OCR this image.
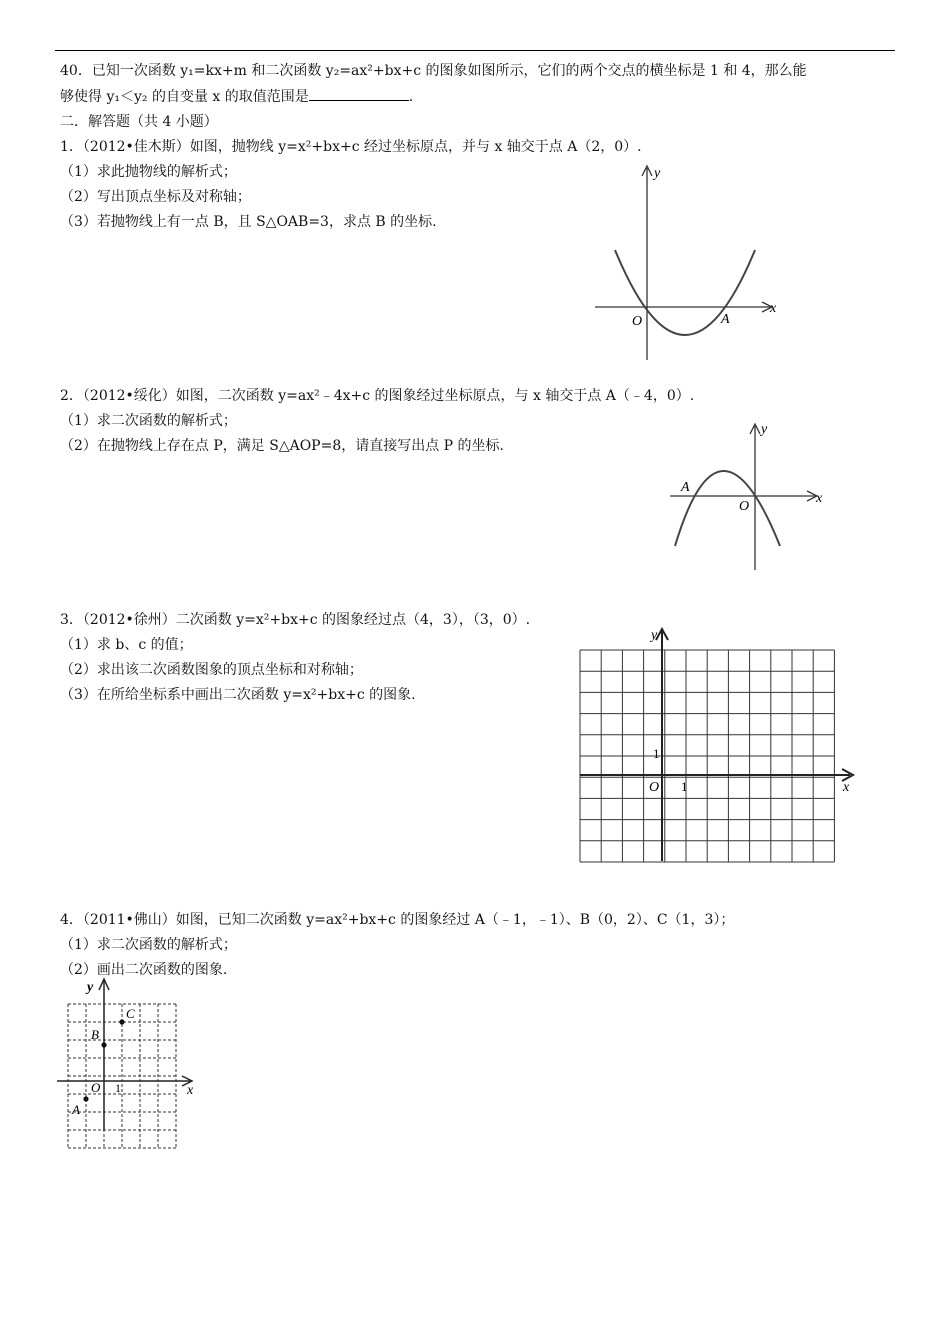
40．已知一次函数 y₁=kx+m 和二次函数 y₂=ax²+bx+c 的图象如图所示，它们的两个交点的横坐标是 1 和 4，那么能
够使得 y₁＜y₂ 的自变量 x 的取值范围是	.
二．解答题（共 4 小题）
1．（2012•佳木斯）如图，抛物线 y=x²+bx+c 经过坐标原点，并与 x 轴交于点 A（2，0）.
（1）求此抛物线的解析式；
（2）写出顶点坐标及对称轴；
（3）若抛物线上有一点 B，且 S△OAB=3，求点 B 的坐标.
y
x
O	A
2．（2012•绥化）如图，二次函数 y=ax²﹣4x+c 的图象经过坐标原点，与 x 轴交于点 A（﹣4，0）.
（1）求二次函数的解析式；
（2）在抛物线上存在点 P，满足 S△AOP=8，请直接写出点 P 的坐标.
y
x
O
A
3．（2012•徐州）二次函数 y=x²+bx+c 的图象经过点（4，3），（3，0）.
（1）求 b、c 的值；
（2）求出该二次函数图象的顶点坐标和对称轴；
（3）在所给坐标系中画出二次函数 y=x²+bx+c 的图象.
y
x
O 1
1
4．（2011•佛山）如图，已知二次函数 y=ax²+bx+c 的图象经过 A（﹣1，﹣1）、B（0，2）、C（1，3）；
（1）求二次函数的解析式；
（2）画出二次函数的图象.
y
x
O 1
A
B
C
